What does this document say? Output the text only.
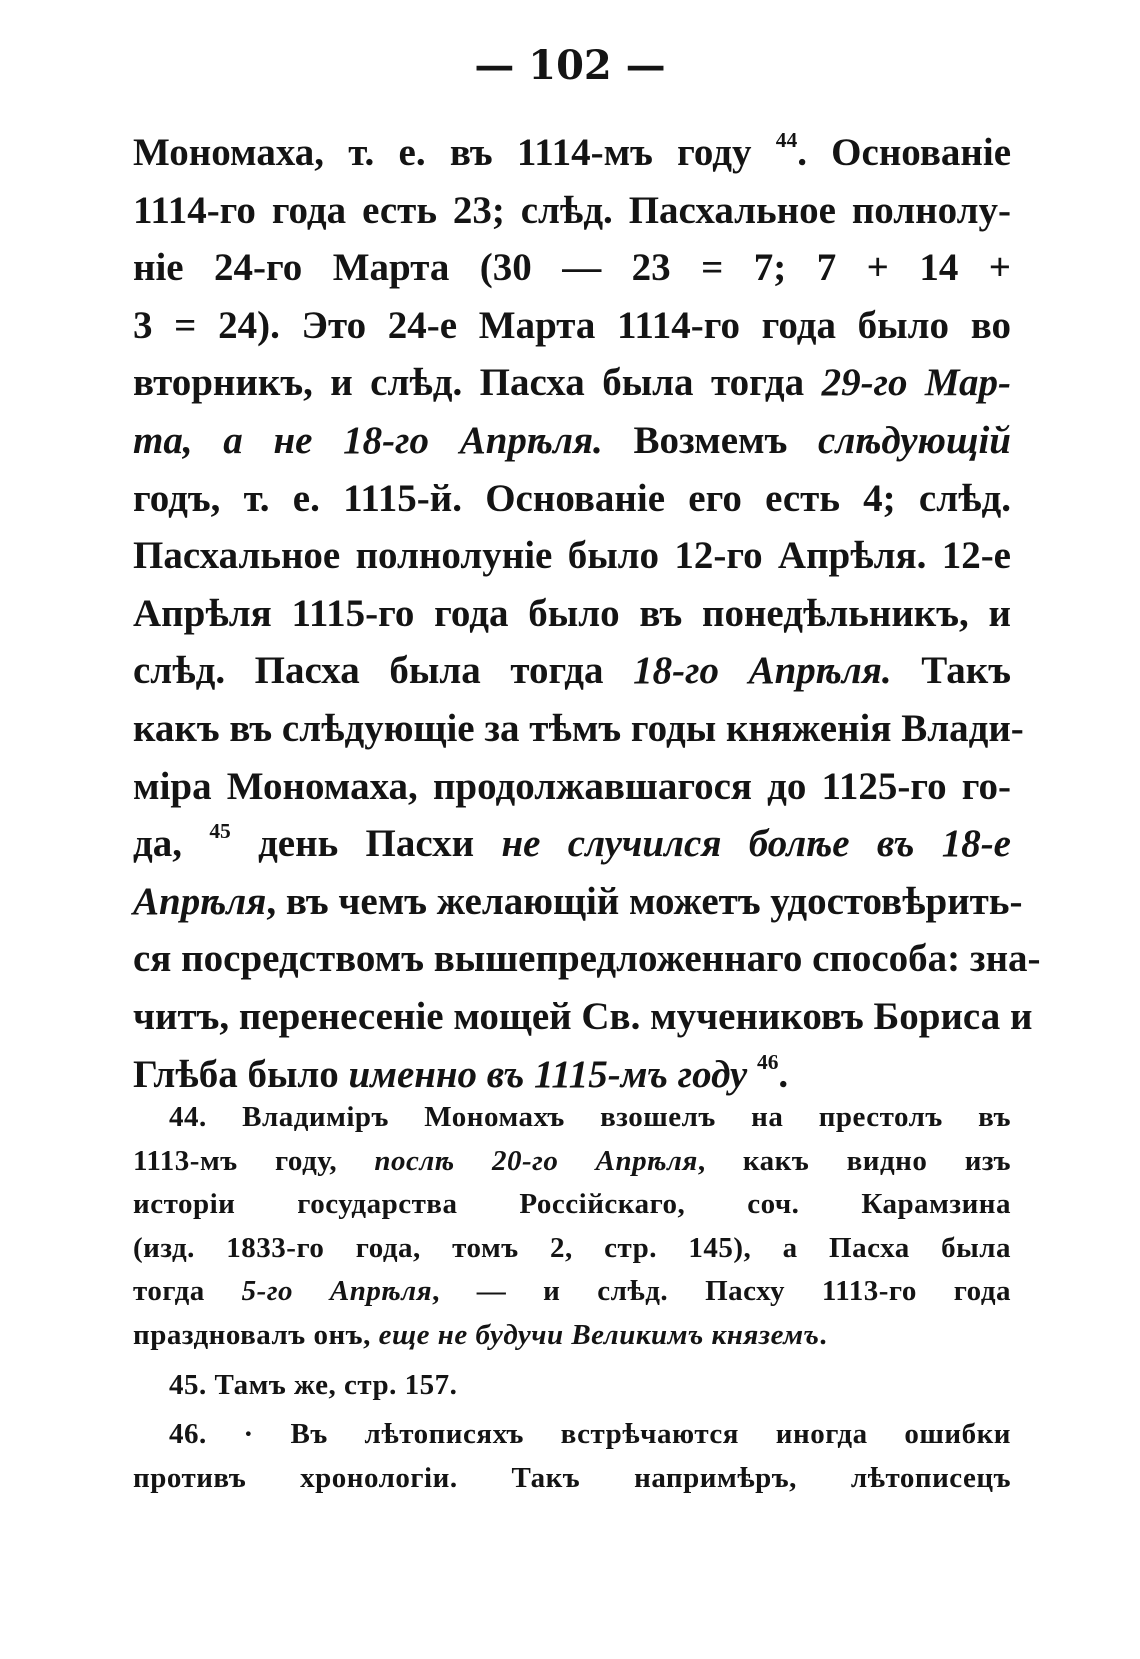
— 102 —
Мономаха, т. е. въ 1114-мъ году $^{44}$. Основаніе
1114-го года есть 23; слѣд. Пасхальное полнолу-
ніе 24-го Марта (30 — 23 = 7; 7 + 14 +
3 = 24). Это 24-е Марта 1114-го года было во
вторникъ, и слѣд. Пасха была тогда 29-го Мар-
та, а не 18-го Апрѣля. Возмемъ слѣдующій
годъ, т. е. 1115-й. Основаніе его есть 4; слѣд.
Пасхальное полнолуніе было 12-го Апрѣля. 12-е
Апрѣля 1115-го года было въ понедѣльникъ, и
слѣд. Пасха была тогда 18-го Апрѣля. Такъ
какъ въ слѣдующіе за тѣмъ годы княженія Влади-
міра Мономаха, продолжавшагося до 1125-го го-
да, $^{45}$ день Пасхи не случился болѣе въ 18-е
Апрѣля, въ чемъ желающій можетъ удостовѣрить-
ся посредствомъ вышепредложеннаго способа: зна-
читъ, перенесеніе мощей Св. мучениковъ Бориса и
Глѣба было именно въ 1115-мъ году $^{46}$.
44. Владиміръ Мономахъ взошелъ на престолъ въ
1113-мъ году, послѣ 20-го Апрѣля, какъ видно изъ
исторіи государства Россійскаго, соч. Карамзина
(изд. 1833-го года, томъ 2, стр. 145), а Пасха была
тогда 5-го Апрѣля, — и слѣд. Пасху 1113-го года
праздновалъ онъ, еще не будучи Великимъ княземъ.
45. Тамъ же, стр. 157.
46. · Въ лѣтописяхъ встрѣчаются иногда ошибки
противъ хронологіи. Такъ напримѣръ, лѣтописецъ
